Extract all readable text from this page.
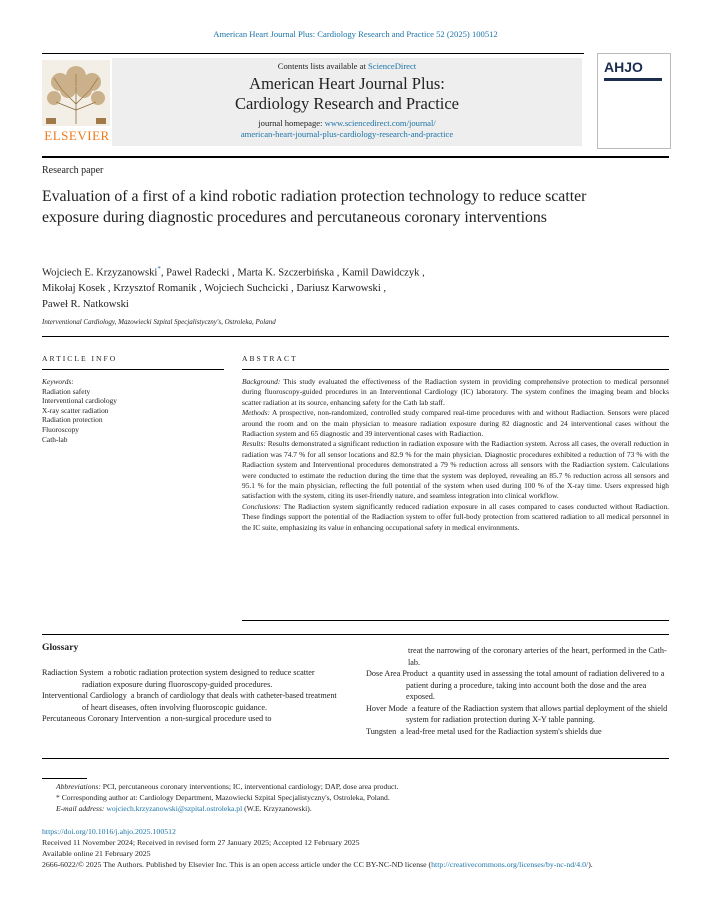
American Heart Journal Plus: Cardiology Research and Practice 52 (2025) 100512
ELSEVIER
Contents lists available at ScienceDirect
American Heart Journal Plus:
Cardiology Research and Practice
journal homepage: www.sciencedirect.com/journal/
american-heart-journal-plus-cardiology-research-and-practice
AHJO
Research paper
Evaluation of a first of a kind robotic radiation protection technology to reduce scatter exposure during diagnostic procedures and percutaneous coronary interventions
Wojciech E. Krzyzanowski*, Pawel Radecki , Marta K. Szczerbińska , Kamil Dawidczyk ,
Mikołaj Kosek , Krzysztof Romanik , Wojciech Suchcicki , Dariusz Karwowski ,
Paweł R. Natkowski
Interventional Cardiology, Mazowiecki Szpital Specjalistyczny's, Ostroleka, Poland
ARTICLE INFO	ABSTRACT
Keywords:
Radiation safety
Interventional cardiology
X-ray scatter radiation
Radiation protection
Fluoroscopy
Cath-lab

Background: This study evaluated the effectiveness of the Radiaction system in providing comprehensive protection to medical personnel during fluoroscopy-guided procedures in an Interventional Cardiology (IC) laboratory. The system confines the imaging beam and blocks scatter radiation at its source, enhancing safety for the Cath lab staff.

Methods: A prospective, non-randomized, controlled study compared real-time procedures with and without Radiaction. Sensors were placed around the room and on the main physician to measure radiation exposure during 82 diagnostic and 24 interventional cases without the Radiaction system and 65 diagnostic and 39 interventional cases with Radiaction.

Results: Results demonstrated a significant reduction in radiation exposure with the Radiaction system. Across all cases, the overall reduction in radiation was 74.7 % for all sensor locations and 82.9 % for the main physician. Diagnostic procedures exhibited a reduction of 73 % with the Radiaction system and Interventional procedures demonstrated a 79 % reduction across all sensors with the Radiaction system. Calculations were conducted to estimate the reduction during the time that the system was deployed, revealing an 85.7 % reduction across all sensors and 95.1 % for the main physician, reflecting the full potential of the system when used during 100 % of the X-ray time. Users expressed high satisfaction with the system, citing its user-friendly nature, and seamless integration into clinical workflow.

Conclusions: The Radiaction system significantly reduced radiation exposure in all cases compared to cases conducted without Radiaction. These findings support the potential of the Radiaction system to offer full-body protection from scattered radiation to all medical personnel in the IC suite, emphasizing its value in enhancing occupational safety in medical environments.

Glossary

Radiaction System a robotic radiation protection system designed to reduce scatter radiation exposure during fluoroscopy-guided procedures.

Interventional Cardiology a branch of cardiology that deals with catheter-based treatment of heart diseases, often involving fluoroscopic guidance.

Percutaneous Coronary Intervention a non-surgical procedure used to

treat the narrowing of the coronary arteries of the heart, performed in the Cath-lab.

Dose Area Product a quantity used in assessing the total amount of radiation delivered to a patient during a procedure, taking into account both the dose and the area exposed.

Hover Mode a feature of the Radiaction system that allows partial deployment of the shield system for radiation protection during X-Y table panning.

Tungsten a lead-free metal used for the Radiaction system's shields due

Abbreviations: PCI, percutaneous coronary interventions; IC, interventional cardiology; DAP, dose area product.

* Corresponding author at: Cardiology Department, Mazowiecki Szpital Specjalistyczny's, Ostroleka, Poland.

E-mail address: wojciech.krzyzanowski@szpital.ostroleka.pl (W.E. Krzyzanowski).

https://doi.org/10.1016/j.ahjo.2025.100512

Received 11 November 2024; Received in revised form 27 January 2025; Accepted 12 February 2025

Available online 21 February 2025

2666-6022/© 2025 The Authors. Published by Elsevier Inc. This is an open access article under the CC BY-NC-ND license (http://creativecommons.org/licenses/by-nc-nd/4.0/).
